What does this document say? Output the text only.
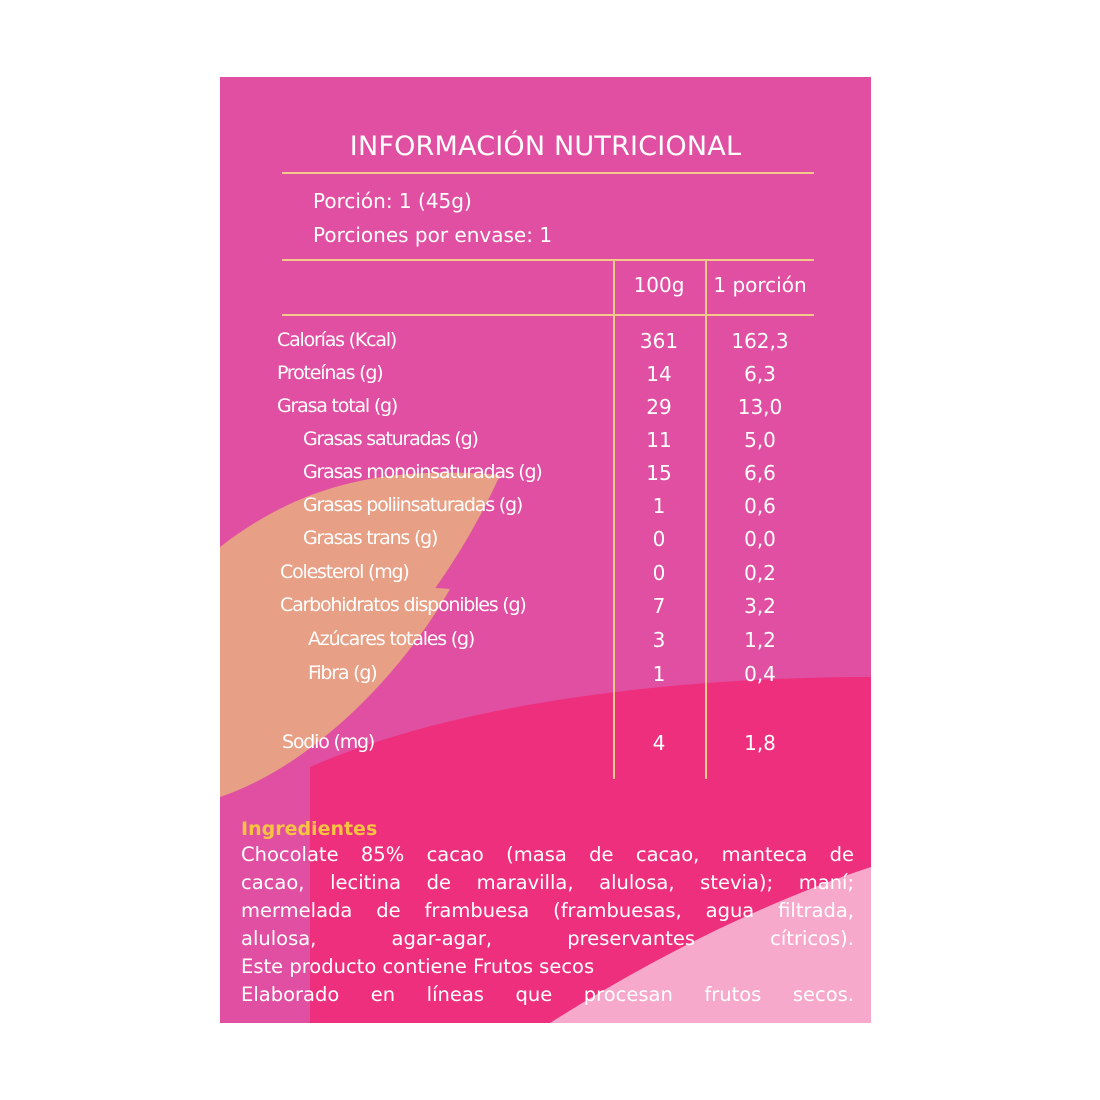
INFORMACIÓN NUTRICIONAL
Porción: 1 (45g)
Porciones por envase: 1
100g	1 porción
Calorías (Kcal)	361	162,3
Proteínas (g)	14	6,3
Grasa total (g)	29	13,0
Grasas saturadas (g)	11	5,0
Grasas monoinsaturadas (g)	15	6,6
Grasas poliinsaturadas (g)	1	0,6
Grasas trans (g)	0	0,0
Colesterol (mg)	0	0,2
Carbohidratos disponibles (g)	7	3,2
Azúcares totales (g)	3	1,2
Fibra (g)	1	0,4
Sodio (mg)	4	1,8
Ingredientes
Chocolate 85% cacao (masa de cacao, manteca de
cacao, lecitina de maravilla, alulosa, stevia); maní;
mermelada de frambuesa (frambuesas, agua filtrada,
alulosa, agar-agar, preservantes cítricos).
Este producto contiene Frutos secos
Elaborado en líneas que procesan frutos secos.
